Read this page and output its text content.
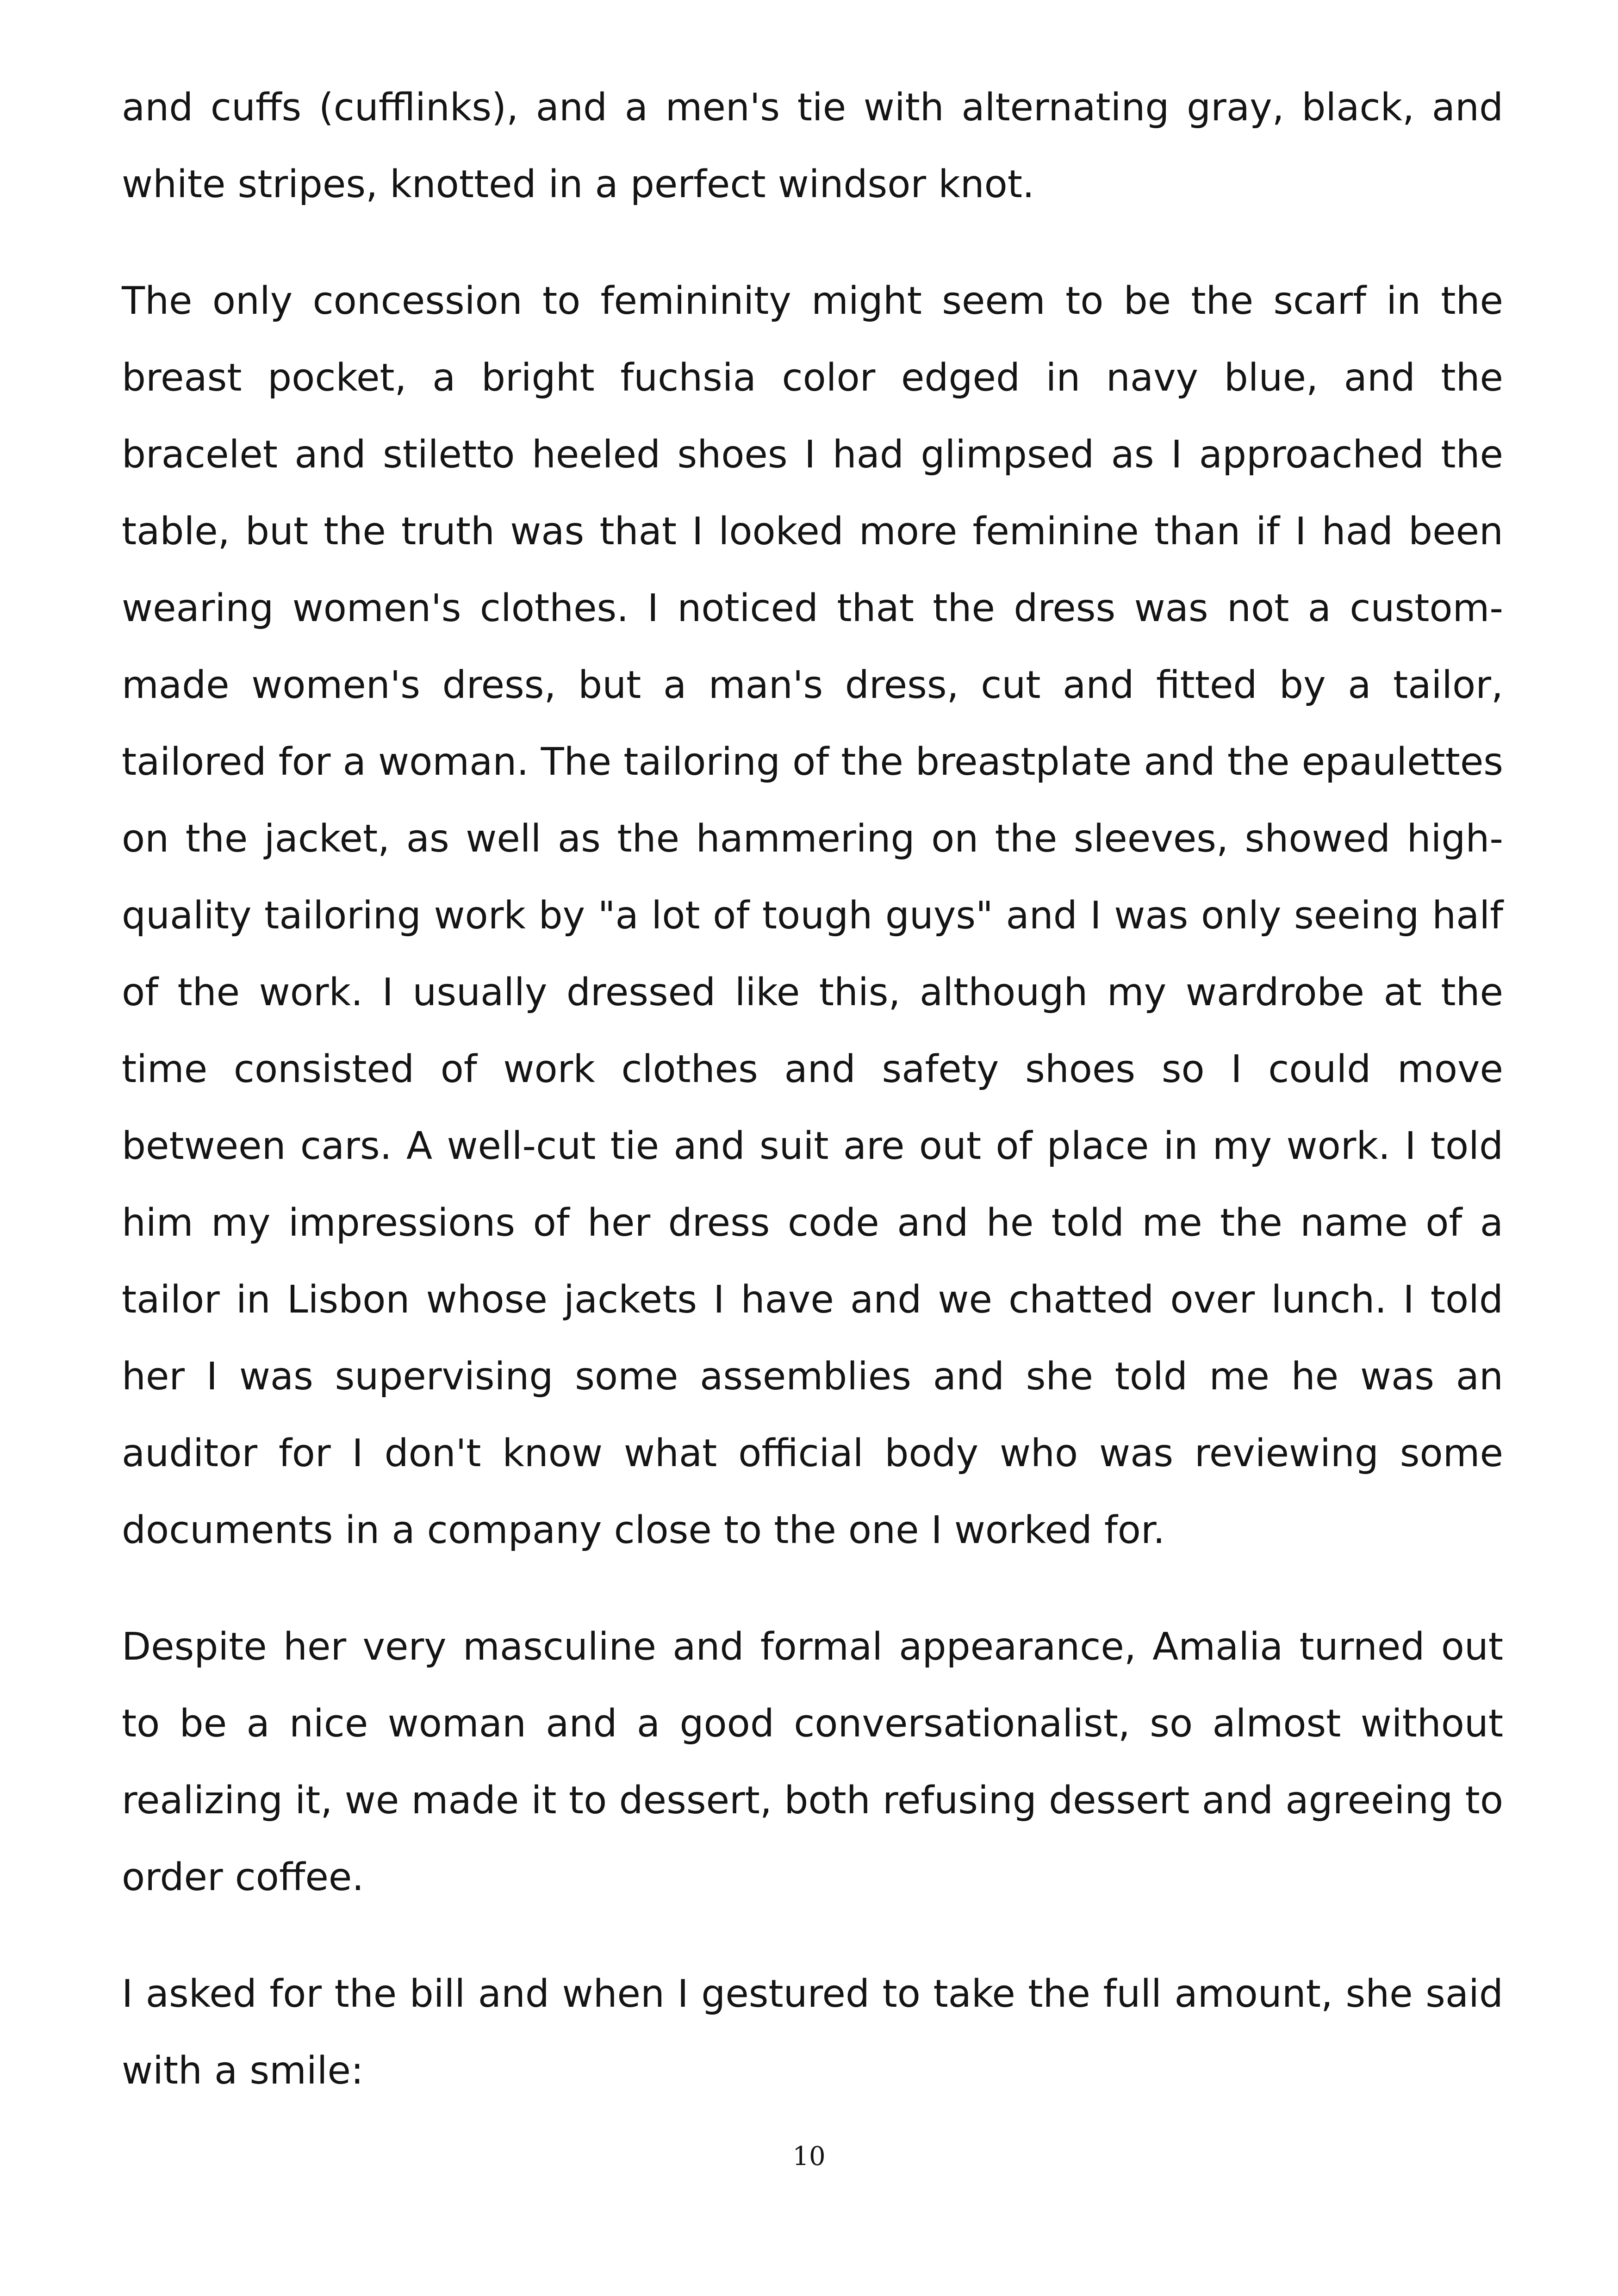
and cuffs (cufflinks), and a men's tie with alternating gray, black, and white stripes, knotted in a perfect windsor knot.

The only concession to femininity might seem to be the scarf in the breast pocket, a bright fuchsia color edged in navy blue, and the bracelet and stiletto heeled shoes I had glimpsed as I approached the table, but the truth was that I looked more feminine than if I had been wearing women's clothes. I noticed that the dress was not a custom-made women's dress, but a man's dress, cut and fitted by a tailor, tailored for a woman. The tailoring of the breastplate and the epaulettes on the jacket, as well as the hammering on the sleeves, showed high-quality tailoring work by "a lot of tough guys" and I was only seeing half of the work. I usually dressed like this, although my wardrobe at the time consisted of work clothes and safety shoes so I could move between cars. A well-cut tie and suit are out of place in my work. I told him my impressions of her dress code and he told me the name of a tailor in Lisbon whose jackets I have and we chatted over lunch. I told her I was supervising some assemblies and she told me he was an auditor for I don't know what official body who was reviewing some documents in a company close to the one I worked for.

Despite her very masculine and formal appearance, Amalia turned out to be a nice woman and a good conversationalist, so almost without realizing it, we made it to dessert, both refusing dessert and agreeing to order coffee.

I asked for the bill and when I gestured to take the full amount, she said with a smile:

10
